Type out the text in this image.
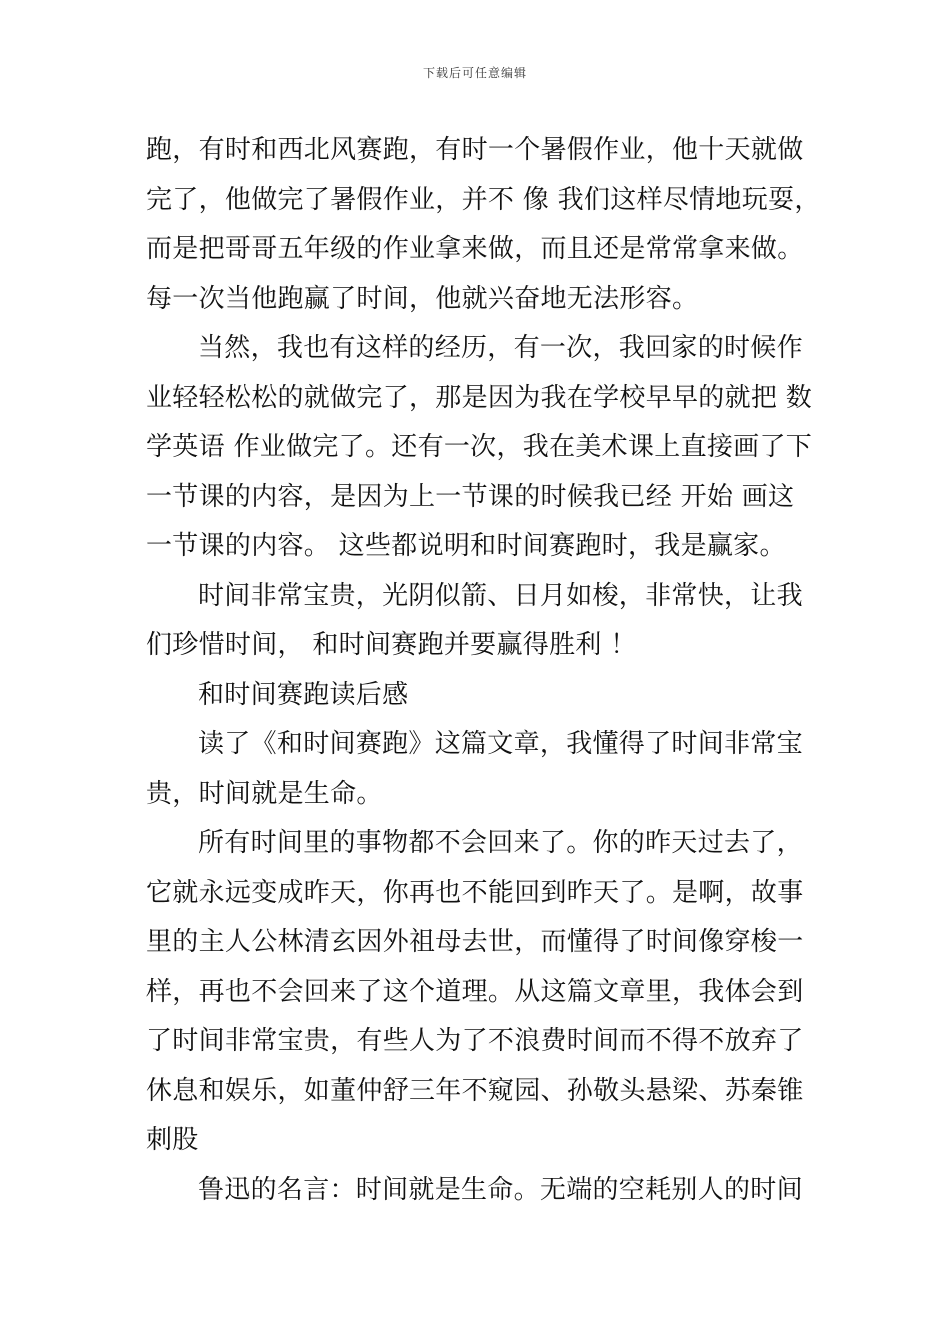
下载后可任意编辑
跑，有时和西北风赛跑，有时一个暑假作业，他十天就做
完了，他做完了暑假作业，并不 像 我们这样尽情地玩耍，
而是把哥哥五年级的作业拿来做，而且还是常常拿来做。
每一次当他跑赢了时间，他就兴奋地无法形容。
当然，我也有这样的经历，有一次，我回家的时候作
业轻轻松松的就做完了，那是因为我在学校早早的就把 数
学英语 作业做完了。还有一次，我在美术课上直接画了下
一节课的内容，是因为上一节课的时候我已经 开始 画这
一节课的内容。 这些都说明和时间赛跑时，我是赢家。
时间非常宝贵，光阴似箭、日月如梭，非常快，让我
们珍惜时间， 和时间赛跑并要赢得胜利 ！
和时间赛跑读后感
读了《和时间赛跑》这篇文章，我懂得了时间非常宝
贵，时间就是生命。
所有时间里的事物都不会回来了。你的昨天过去了，
它就永远变成昨天，你再也不能回到昨天了。是啊，故事
里的主人公林清玄因外祖母去世，而懂得了时间像穿梭一
样，再也不会回来了这个道理。从这篇文章里，我体会到
了时间非常宝贵，有些人为了不浪费时间而不得不放弃了
休息和娱乐，如董仲舒三年不窥园、孙敬头悬梁、苏秦锥
刺股
鲁迅的名言：时间就是生命。无端的空耗别人的时间
